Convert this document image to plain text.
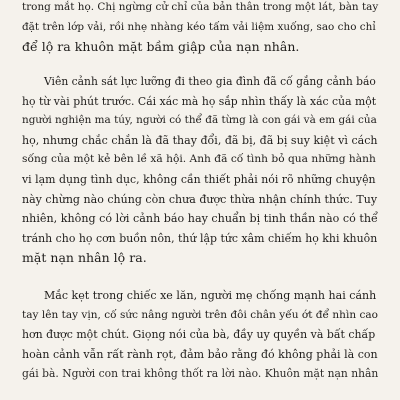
trong mắt họ. Chị ngừng cử chỉ của bản thân trong một lát, bàn tay
đặt trên lớp vải, rồi nhẹ nhàng kéo tấm vải liệm xuống, sao cho chỉ
để lộ ra khuôn mặt bầm giập của nạn nhân.
Viên cảnh sát lực lưỡng đi theo gia đình đã cố gắng cảnh báo
họ từ vài phút trước. Cái xác mà họ sắp nhìn thấy là xác của một
người nghiện ma túy, người có thể đã từng là con gái và em gái của
họ, nhưng chắc chắn là đã thay đổi, đã bị, đã bị suy kiệt vì cách
sống của một kẻ bên lề xã hội. Anh đã cố tình bỏ qua những hành
vi lạm dụng tình dục, không cần thiết phải nói rõ những chuyện
này chừng nào chúng còn chưa được thừa nhận chính thức. Tuy
nhiên, không có lời cảnh báo hay chuẩn bị tinh thần nào có thể
tránh cho họ cơn buồn nôn, thứ lập tức xâm chiếm họ khi khuôn
mặt nạn nhân lộ ra.
Mắc kẹt trong chiếc xe lăn, người mẹ chống mạnh hai cánh
tay lên tay vịn, cố sức nâng người trên đôi chân yếu ớt để nhìn cao
hơn được một chút. Giọng nói của bà, đầy uy quyền và bất chấp
hoàn cảnh vẫn rất rành rọt, đảm bảo rằng đó không phải là con
gái bà. Người con trai không thốt ra lời nào. Khuôn mặt nạn nhân
